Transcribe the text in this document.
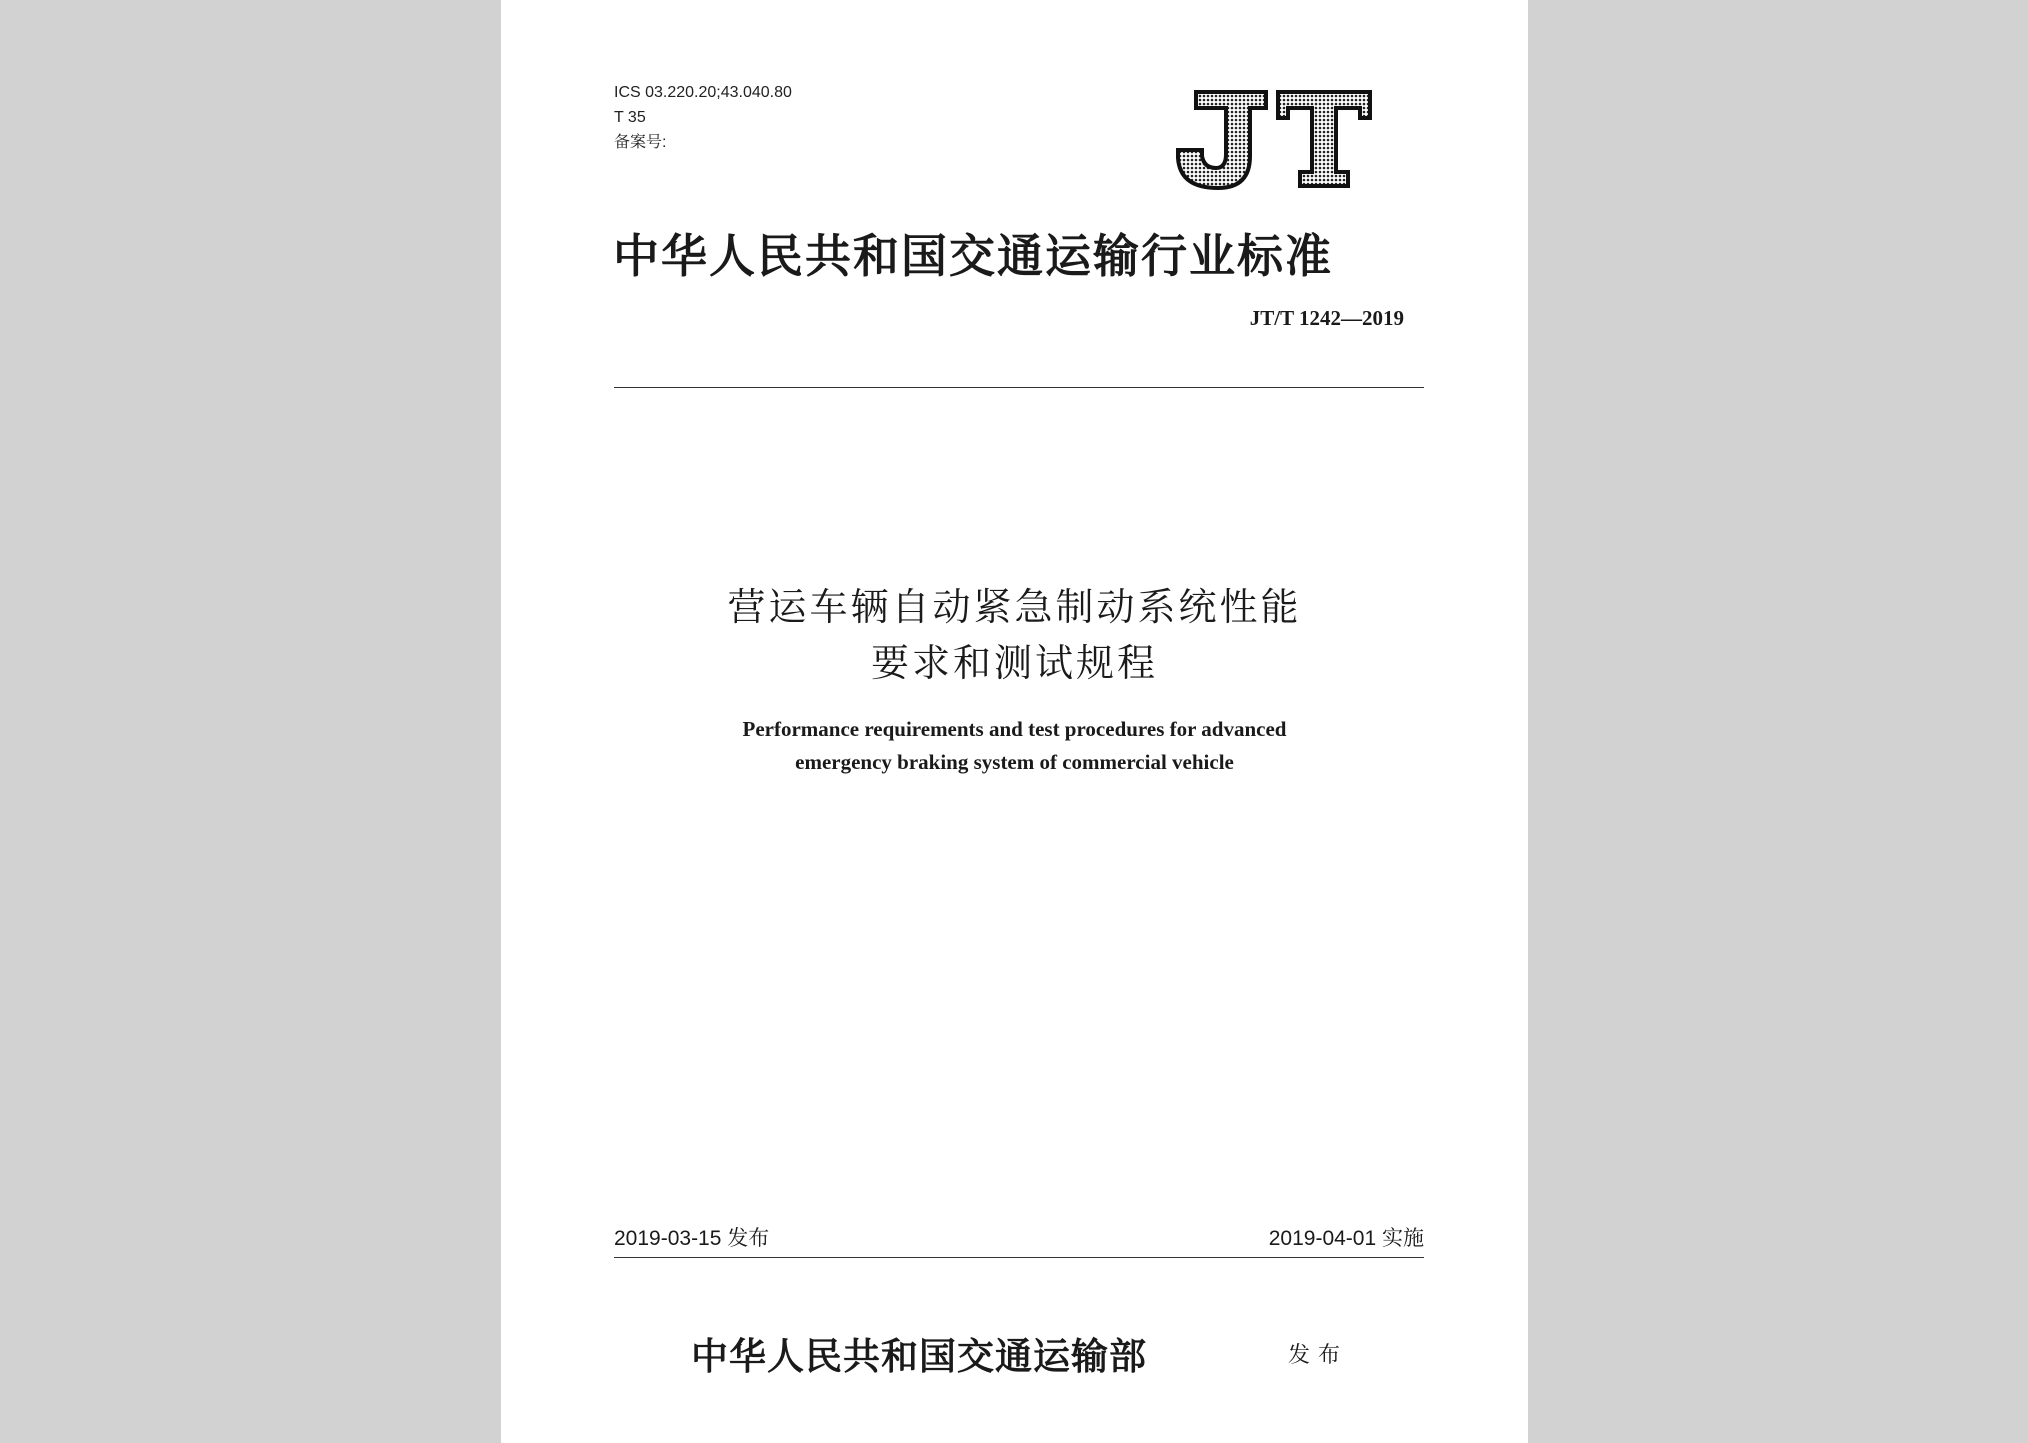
ICS 03.220.20;43.040.80
T 35
备案号:
中华人民共和国交通运输行业标准
JT/T 1242—2019
营运车辆自动紧急制动系统性能
要求和测试规程
Performance requirements and test procedures for advanced
emergency braking system of commercial vehicle
2019-03-15 发布	2019-04-01 实施
中华人民共和国交通运输部	发布
